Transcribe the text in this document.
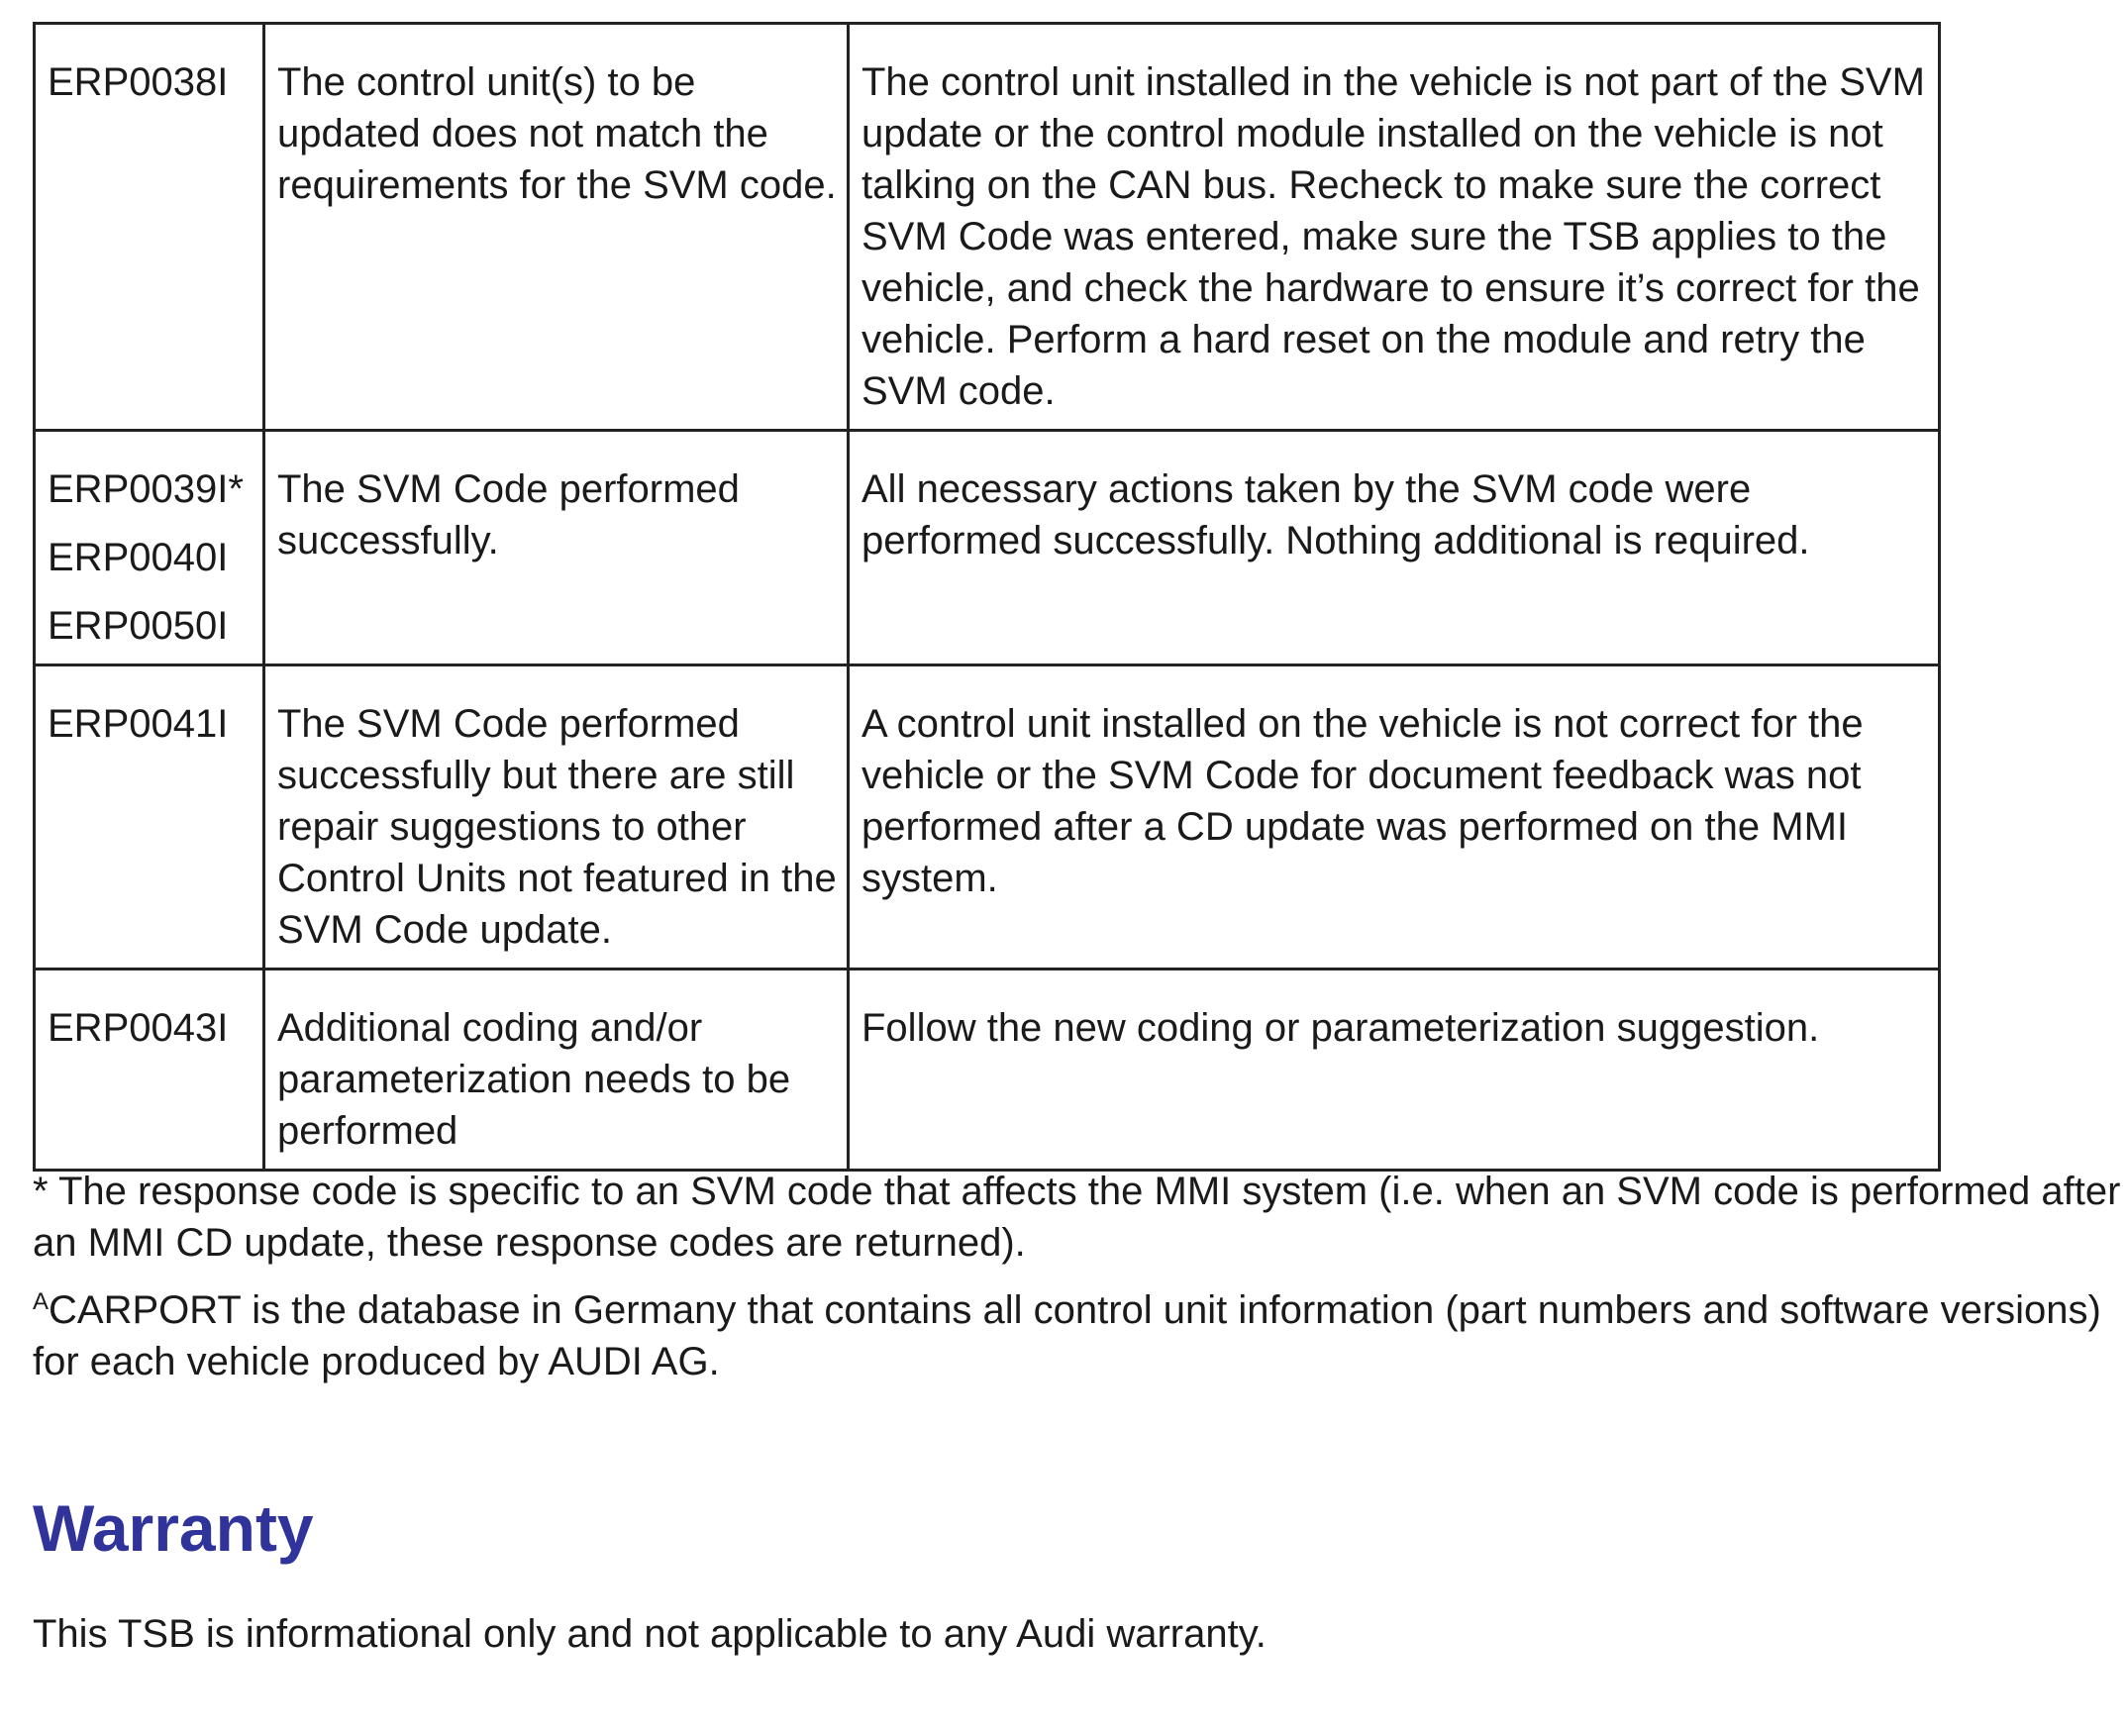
ERP0038I	The control unit(s) to be updated does not match the requirements for the SVM code.	The control unit installed in the vehicle is not part of the SVM update or the control module installed on the vehicle is not talking on the CAN bus. Recheck to make sure the correct SVM Code was entered, make sure the TSB applies to the vehicle, and check the hardware to ensure it’s correct for the vehicle. Perform a hard reset on the module and retry the SVM code.

ERP0039I*
ERP0040I
ERP0050I	The SVM Code performed successfully.	All necessary actions taken by the SVM code were performed successfully. Nothing additional is required.

ERP0041I	The SVM Code performed successfully but there are still repair suggestions to other Control Units not featured in the SVM Code update.	A control unit installed on the vehicle is not correct for the vehicle or the SVM Code for document feedback was not performed after a CD update was performed on the MMI system.

ERP0043I	Additional coding and/or parameterization needs to be performed	Follow the new coding or parameterization suggestion.

* The response code is specific to an SVM code that affects the MMI system (i.e. when an SVM code is performed after an MMI CD update, these response codes are returned).

$^A$CARPORT is the database in Germany that contains all control unit information (part numbers and software versions) for each vehicle produced by AUDI AG.

Warranty

This TSB is informational only and not applicable to any Audi warranty.
